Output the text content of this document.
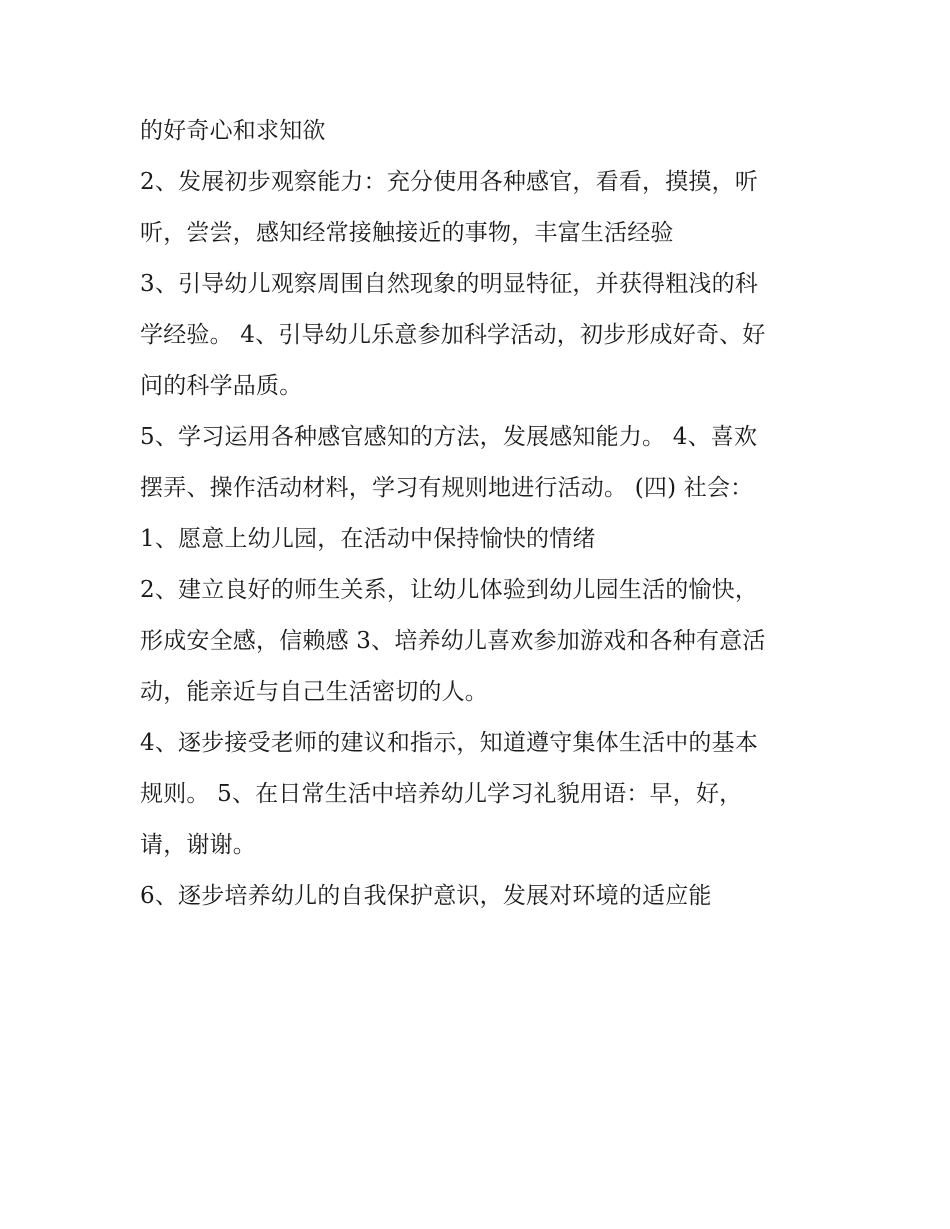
的好奇心和求知欲
2、发展初步观察能力：充分使用各种感官，看看，摸摸，听
听，尝尝，感知经常接触接近的事物，丰富生活经验
3、引导幼儿观察周围自然现象的明显特征，并获得粗浅的科
学经验。 4、引导幼儿乐意参加科学活动，初步形成好奇、好
问的科学品质。
5、学习运用各种感官感知的方法，发展感知能力。 4、喜欢
摆弄、操作活动材料，学习有规则地进行活动。 (四) 社会：
1、愿意上幼儿园，在活动中保持愉快的情绪
2、建立良好的师生关系，让幼儿体验到幼儿园生活的愉快，
形成安全感，信赖感 3、培养幼儿喜欢参加游戏和各种有意活
动，能亲近与自己生活密切的人。
4、逐步接受老师的建议和指示，知道遵守集体生活中的基本
规则。 5、在日常生活中培养幼儿学习礼貌用语：早，好，
请，谢谢。
6、逐步培养幼儿的自我保护意识，发展对环境的适应能
